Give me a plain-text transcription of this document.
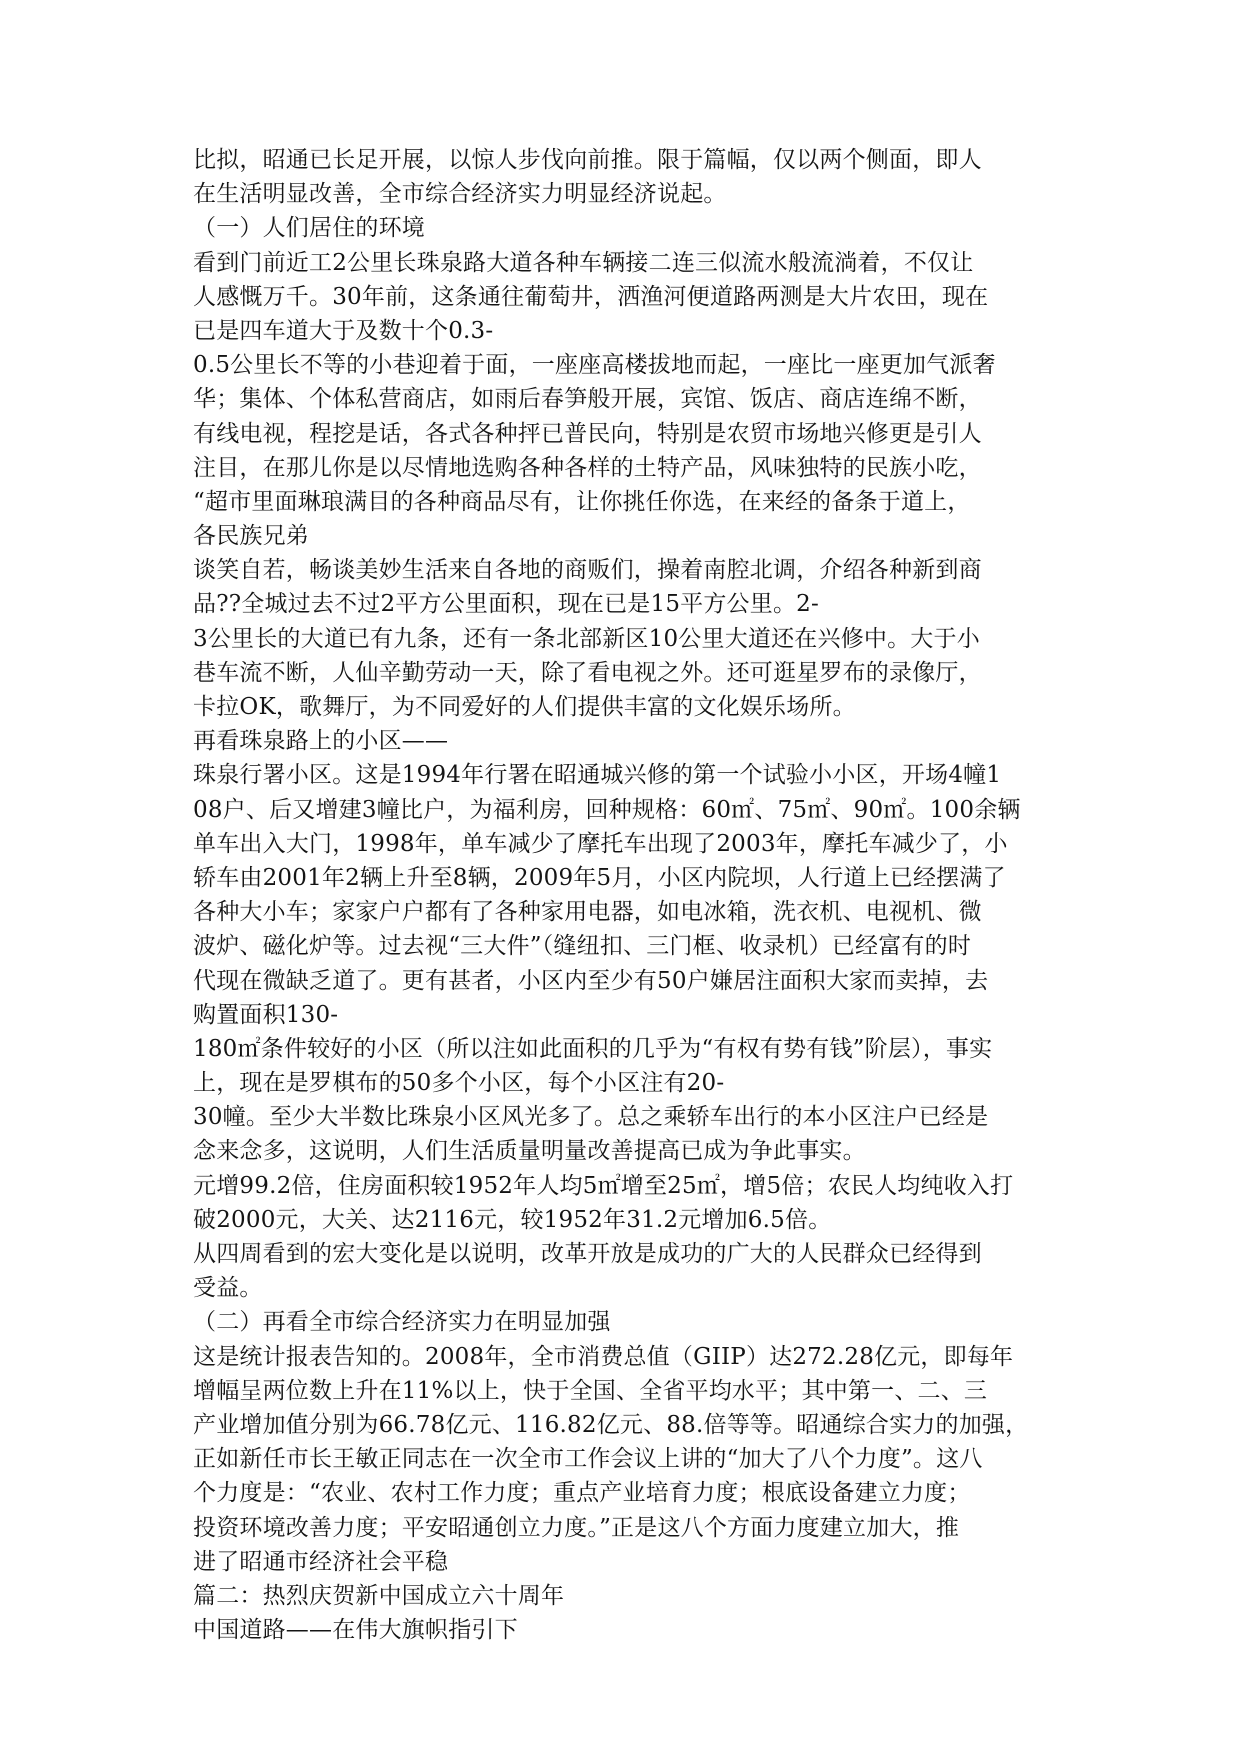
比拟，昭通已长足开展，以惊人步伐向前推。限于篇幅，仅以两个侧面，即人
在生活明显改善，全市综合经济实力明显经济说起。
（一）人们居住的环境
看到门前近工2公里长珠泉路大道各种车辆接二连三似流水般流淌着，不仅让
人感慨万千。30年前，这条通往葡萄井，洒渔河便道路两测是大片农田，现在
已是四车道大于及数十个0.3-
0.5公里长不等的小巷迎着于面，一座座高楼拔地而起，一座比一座更加气派奢
华；集体、个体私营商店，如雨后春笋般开展，宾馆、饭店、商店连绵不断，
有线电视，程挖是话，各式各种抨已普民向，特别是农贸市场地兴修更是引人
注目，在那儿你是以尽情地选购各种各样的土特产品，风味独特的民族小吃，
“超市里面琳琅满目的各种商品尽有，让你挑任你选，在来经的备条于道上，
各民族兄弟
谈笑自若，畅谈美妙生活来自各地的商贩们，操着南腔北调，介绍各种新到商
品??全城过去不过2平方公里面积，现在已是15平方公里。2-
3公里长的大道已有九条，还有一条北部新区10公里大道还在兴修中。大于小
巷车流不断，人仙辛勤劳动一天，除了看电视之外。还可逛星罗布的录像厅，
卡拉OK，歌舞厅，为不同爱好的人们提供丰富的文化娱乐场所。
再看珠泉路上的小区——
珠泉行署小区。这是1994年行署在昭通城兴修的第一个试验小小区，开场4幢1
08户、后又增建3幢比户，为福利房，回种规格：60㎡、75㎡、90㎡。100余辆
单车出入大门，1998年，单车减少了摩托车出现了2003年，摩托车减少了，小
轿车由2001年2辆上升至8辆，2009年5月，小区内院坝，人行道上已经摆满了
各种大小车；家家户户都有了各种家用电器，如电冰箱，洗衣机、电视机、微
波炉、磁化炉等。过去视“三大件”（缝纽扣、三门框、收录机）已经富有的时
代现在微缺乏道了。更有甚者，小区内至少有50户嫌居注面积大家而卖掉，去
购置面积130-
180㎡条件较好的小区（所以注如此面积的几乎为“有权有势有钱”阶层），事实
上，现在是罗棋布的50多个小区，每个小区注有20-
30幢。至少大半数比珠泉小区风光多了。总之乘轿车出行的本小区注户已经是
念来念多，这说明，人们生活质量明量改善提高已成为争此事实。
元增99.2倍，住房面积较1952年人均5㎡增至25㎡，增5倍；农民人均纯收入打
破2000元，大关、达2116元，较1952年31.2元增加6.5倍。
从四周看到的宏大变化是以说明，改革开放是成功的广大的人民群众已经得到
受益。
（二）再看全市综合经济实力在明显加强
这是统计报表告知的。2008年，全市消费总值（GIIP）达272.28亿元，即每年
增幅呈两位数上升在11%以上，快于全国、全省平均水平；其中第一、二、三
产业增加值分别为66.78亿元、116.82亿元、88.倍等等。昭通综合实力的加强，
正如新任市长王敏正同志在一次全市工作会议上讲的“加大了八个力度”。这八
个力度是：“农业、农村工作力度；重点产业培育力度；根底设备建立力度；
投资环境改善力度；平安昭通创立力度。”正是这八个方面力度建立加大，推
进了昭通市经济社会平稳
篇二：热烈庆贺新中国成立六十周年
中国道路——在伟大旗帜指引下
